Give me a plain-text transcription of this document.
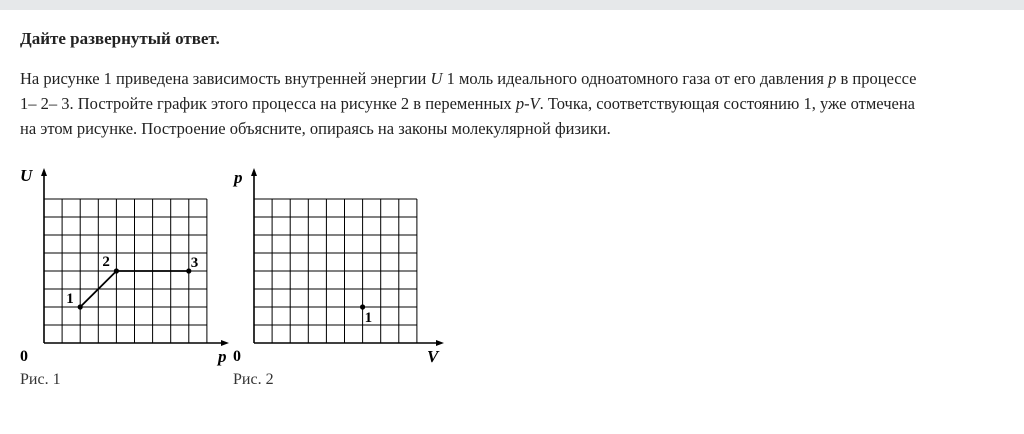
Дайте развернутый ответ.
На рисунке 1 приведена зависимость внутренней энергии U 1 моль идеального одноатомного газа от его давления p в процессе
1– 2– 3. Постройте график этого процесса на рисунке 2 в переменных p-V. Точка, соответствующая состоянию 1, уже отмечена
на этом рисунке. Построение объясните, опираясь на законы молекулярной физики.
1
2	3
U
0	p
1
p
0	V
Рис. 1	Рис. 2
